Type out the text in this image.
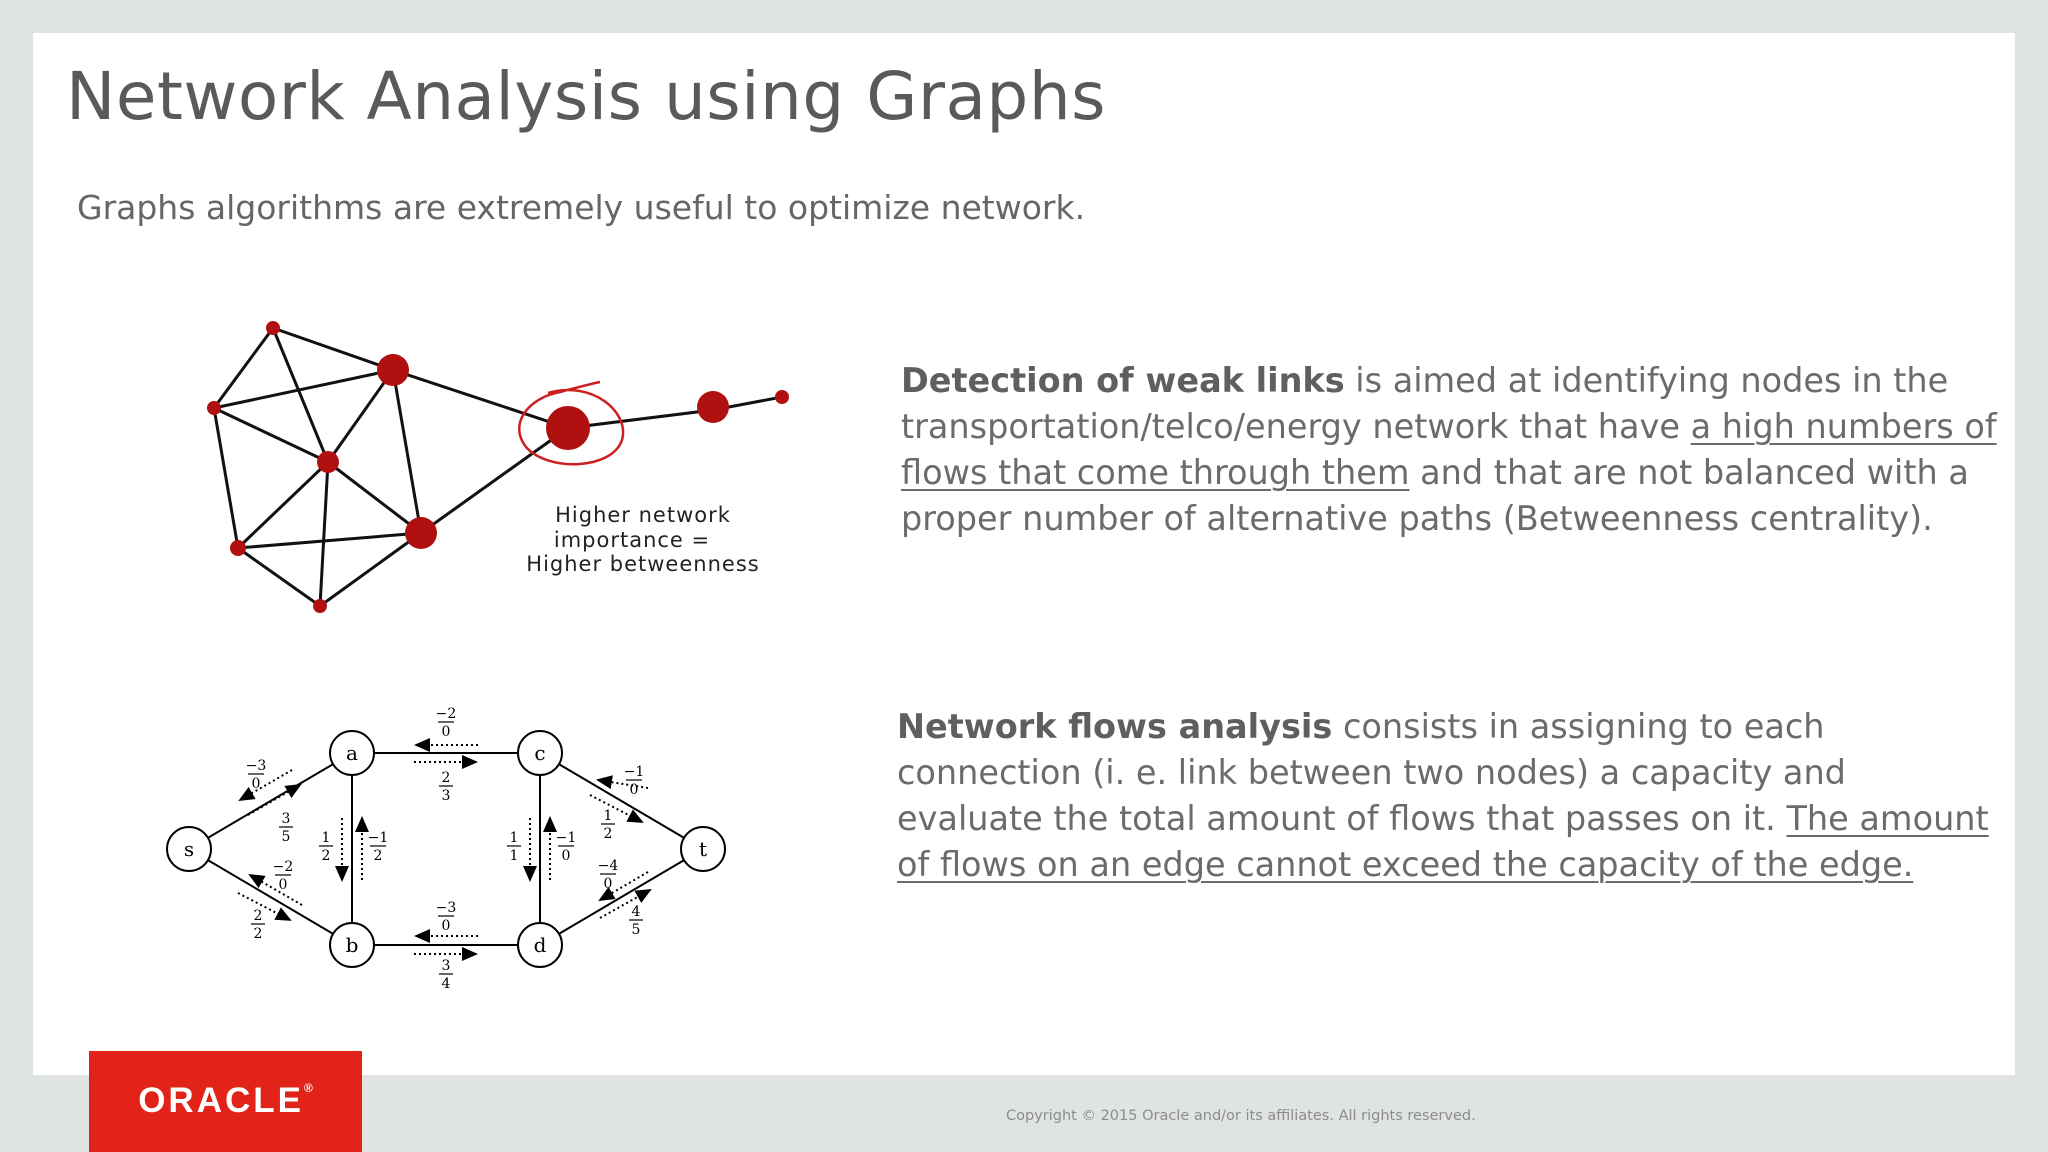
Network Analysis using Graphs

Graphs algorithms are extremely useful to optimize network.

Higher network
importance =
Higher betweenness
s
a
b
c
d
t
−3
0
3
5
−2
0
2
2
−2
0
2
3
−3
0
3
4
1
2
−1
2
1
1
−1
0
−1
0
1
2
−4
0
4
5

Detection of weak links is aimed at identifying nodes in the transportation/telco/energy network that have a high numbers of flows that come through them and that are not balanced with a proper number of alternative paths (Betweenness centrality).

Network flows analysis consists in assigning to each connection (i. e. link between two nodes) a capacity and evaluate the total amount of flows that passes on it. The amount of flows on an edge cannot exceed the capacity of the edge.

ORACLE®

Copyright © 2015 Oracle and/or its affiliates. All rights reserved.
